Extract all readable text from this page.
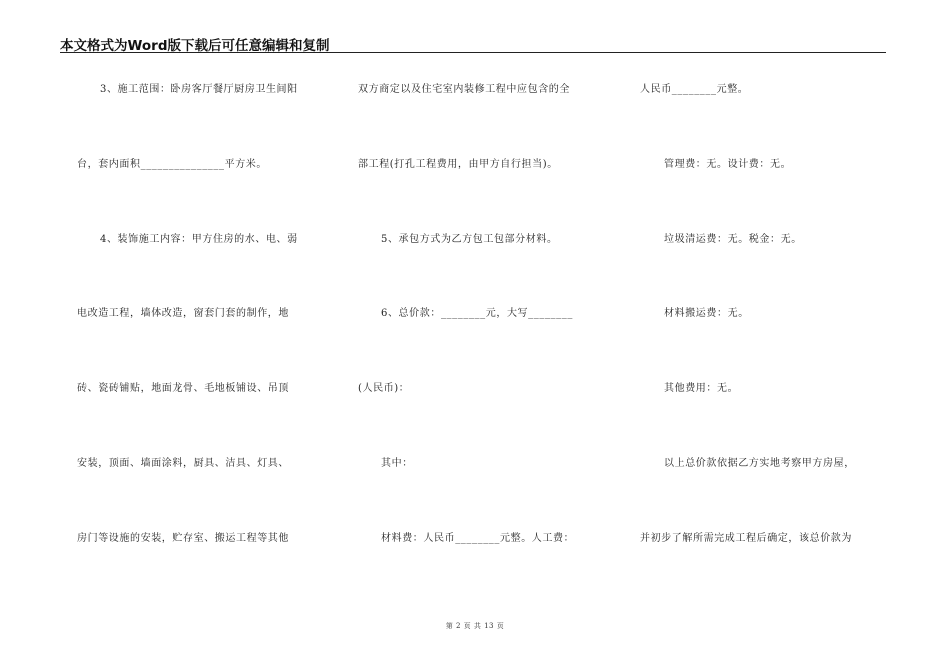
本文格式为Word版下载后可任意编辑和复制
3、施工范围：卧房客厅餐厅厨房卫生间阳
台，套内面积_______________平方米。
4、装饰施工内容：甲方住房的水、电、弱
电改造工程，墙体改造，窗套门套的制作，地
砖、瓷砖铺贴，地面龙骨、毛地板铺设、吊顶
安装，顶面、墙面涂料，厨具、洁具、灯具、
房门等设施的安装，贮存室、搬运工程等其他
双方商定以及住宅室内装修工程中应包含的全
部工程(打孔工程费用，由甲方自行担当)。
5、承包方式为乙方包工包部分材料。
6、总价款：________元，大写________
(人民币)：
其中：
材料费：人民币________元整。人工费：
人民币________元整。
管理费：无。设计费：无。
垃圾清运费：无。税金：无。
材料搬运费：无。
其他费用：无。
以上总价款依据乙方实地考察甲方房屋，
并初步了解所需完成工程后确定，该总价款为
第 2 页 共 13 页
